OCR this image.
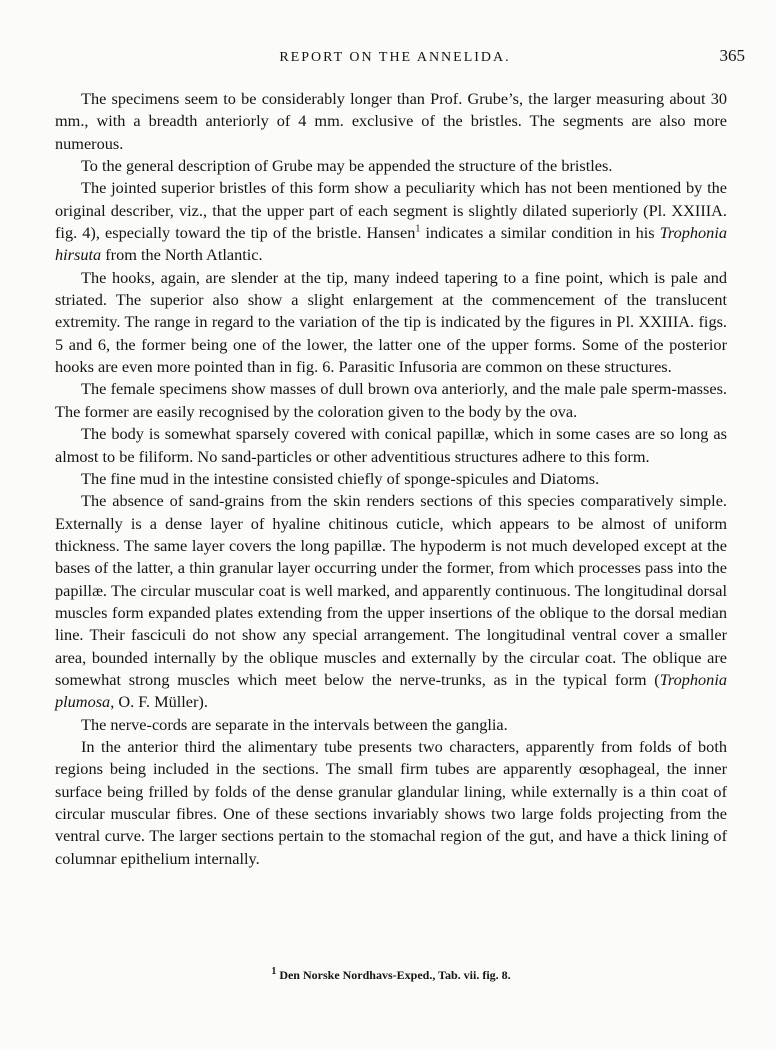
REPORT ON THE ANNELIDA.	365

The specimens seem to be considerably longer than Prof. Grube’s, the larger measuring about 30 mm., with a breadth anteriorly of 4 mm. exclusive of the bristles. The segments are also more numerous.

To the general description of Grube may be appended the structure of the bristles.

The jointed superior bristles of this form show a peculiarity which has not been mentioned by the original describer, viz., that the upper part of each segment is slightly dilated superiorly (Pl. XXIIIA. fig. 4), especially toward the tip of the bristle. Hansen$^1$ indicates a similar condition in his Trophonia hirsuta from the North Atlantic.

The hooks, again, are slender at the tip, many indeed tapering to a fine point, which is pale and striated. The superior also show a slight enlargement at the commencement of the translucent extremity. The range in regard to the variation of the tip is indicated by the figures in Pl. XXIIIA. figs. 5 and 6, the former being one of the lower, the latter one of the upper forms. Some of the posterior hooks are even more pointed than in fig. 6. Parasitic Infusoria are common on these structures.

The female specimens show masses of dull brown ova anteriorly, and the male pale sperm-masses. The former are easily recognised by the coloration given to the body by the ova.

The body is somewhat sparsely covered with conical papillæ, which in some cases are so long as almost to be filiform. No sand-particles or other adventitious structures adhere to this form.

The fine mud in the intestine consisted chiefly of sponge-spicules and Diatoms.

The absence of sand-grains from the skin renders sections of this species comparatively simple. Externally is a dense layer of hyaline chitinous cuticle, which appears to be almost of uniform thickness. The same layer covers the long papillæ. The hypoderm is not much developed except at the bases of the latter, a thin granular layer occurring under the former, from which processes pass into the papillæ. The circular muscular coat is well marked, and apparently continuous. The longitudinal dorsal muscles form expanded plates extending from the upper insertions of the oblique to the dorsal median line. Their fasciculi do not show any special arrangement. The longitudinal ventral cover a smaller area, bounded internally by the oblique muscles and externally by the circular coat. The oblique are somewhat strong muscles which meet below the nerve-trunks, as in the typical form (Trophonia plumosa, O. F. Müller).

The nerve-cords are separate in the intervals between the ganglia.

In the anterior third the alimentary tube presents two characters, apparently from folds of both regions being included in the sections. The small firm tubes are apparently œsophageal, the inner surface being frilled by folds of the dense granular glandular lining, while externally is a thin coat of circular muscular fibres. One of these sections invariably shows two large folds projecting from the ventral curve. The larger sections pertain to the stomachal region of the gut, and have a thick lining of columnar epithelium internally.

$^1$ Den Norske Nordhavs-Exped., Tab. vii. fig. 8.
